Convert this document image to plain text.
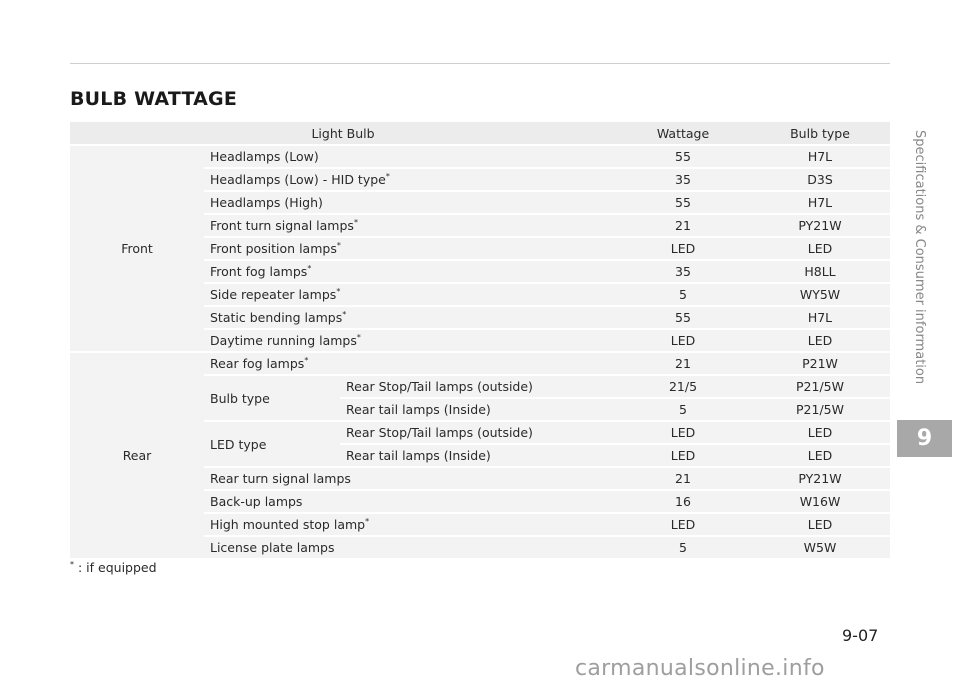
BULB WATTAGE
Light Bulb			Wattage	Bulb type
Front	Headlamps (Low)		55	H7L
	Headlamps (Low) - HID type*		35	D3S
	Headlamps (High)		55	H7L
	Front turn signal lamps*		21	PY21W
	Front position lamps*		LED	LED
	Front fog lamps*		35	H8LL
	Side repeater lamps*		5	WY5W
	Static bending lamps*		55	H7L
	Daytime running lamps*		LED	LED
Rear	Rear fog lamps*		21	P21W
	Bulb type	Rear Stop/Tail lamps (outside)	21/5	P21/5W
		Rear tail lamps (Inside)	5	P21/5W
	LED type	Rear Stop/Tail lamps (outside)	LED	LED
		Rear tail lamps (Inside)	LED	LED
	Rear turn signal lamps		21	PY21W
	Back-up lamps		16	W16W
	High mounted stop lamp*		LED	LED
	License plate lamps		5	W5W
* : if equipped
Specifications & Consumer information
9
9-07
carmanualsonline.info
